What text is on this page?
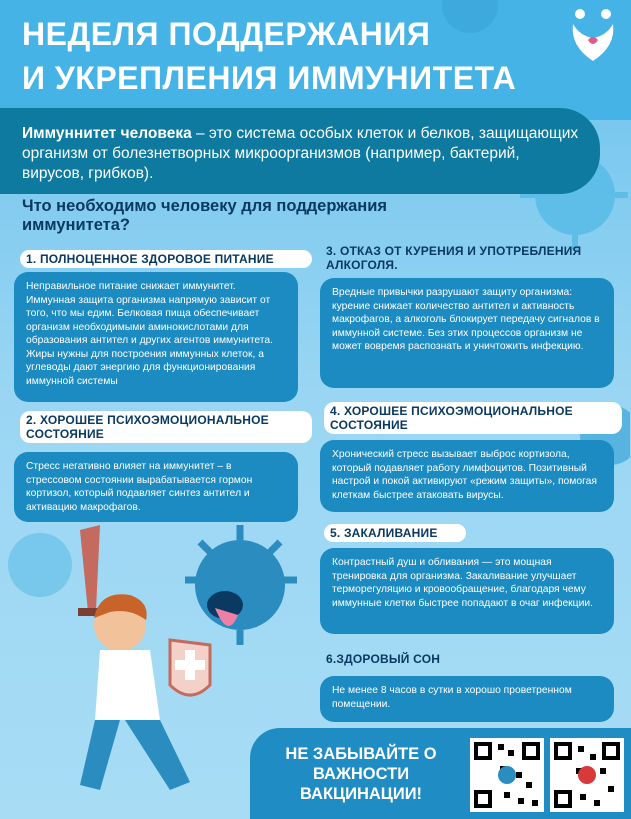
НЕДЕЛЯ ПОДДЕРЖАНИЯ
И УКРЕПЛЕНИЯ ИММУНИТЕТА

Иммуннитет человека – это система особых клеток и белков, защищающих организм от болезнетворных микроорганизмов (например, бактерий, вирусов, грибков).

Что необходимо человеку для поддержания иммунитета?

1. ПОЛНОЦЕННОЕ ЗДОРОВОЕ ПИТАНИЕ

Неправильное питание снижает иммунитет. Иммунная защита организма напрямую зависит от того, что мы едим. Белковая пища обеспечивает организм необходимыми аминокислотами для образования антител и других агентов иммунитета. Жиры нужны для построения иммунных клеток, а углеводы дают энергию для функционирования иммунной системы

2. ХОРОШЕЕ ПСИХОЭМОЦИОНАЛЬНОЕ СОСТОЯНИЕ

Стресс негативно влияет на иммунитет – в стрессовом состоянии вырабатывается гормон кортизол, который подавляет синтез антител и активацию макрофагов.

3. ОТКАЗ ОТ КУРЕНИЯ И УПОТРЕБЛЕНИЯ АЛКОГОЛЯ.

Вредные привычки разрушают защиту организма: курение снижает количество антител и активность макрофагов, а алкоголь блокирует передачу сигналов в иммунной системе. Без этих процессов организм не может вовремя распознать и уничтожить инфекцию.

4. ХОРОШЕЕ ПСИХОЭМОЦИОНАЛЬНОЕ СОСТОЯНИЕ

Хронический стресс вызывает выброс кортизола, который подавляет работу лимфоцитов. Позитивный настрой и покой активируют «режим защиты», помогая клеткам быстрее атаковать вирусы.

5. ЗАКАЛИВАНИЕ

Контрастный душ и обливания — это мощная тренировка для организма. Закаливание улучшает терморегуляцию и кровообращение, благодаря чему иммунные клетки быстрее попадают в очаг инфекции.

6.ЗДОРОВЫЙ СОН

Не менее 8 часов в сутки в хорошо проветренном помещении.

НЕ ЗАБЫВАЙТЕ О ВАЖНОСТИ ВАКЦИНАЦИИ!
